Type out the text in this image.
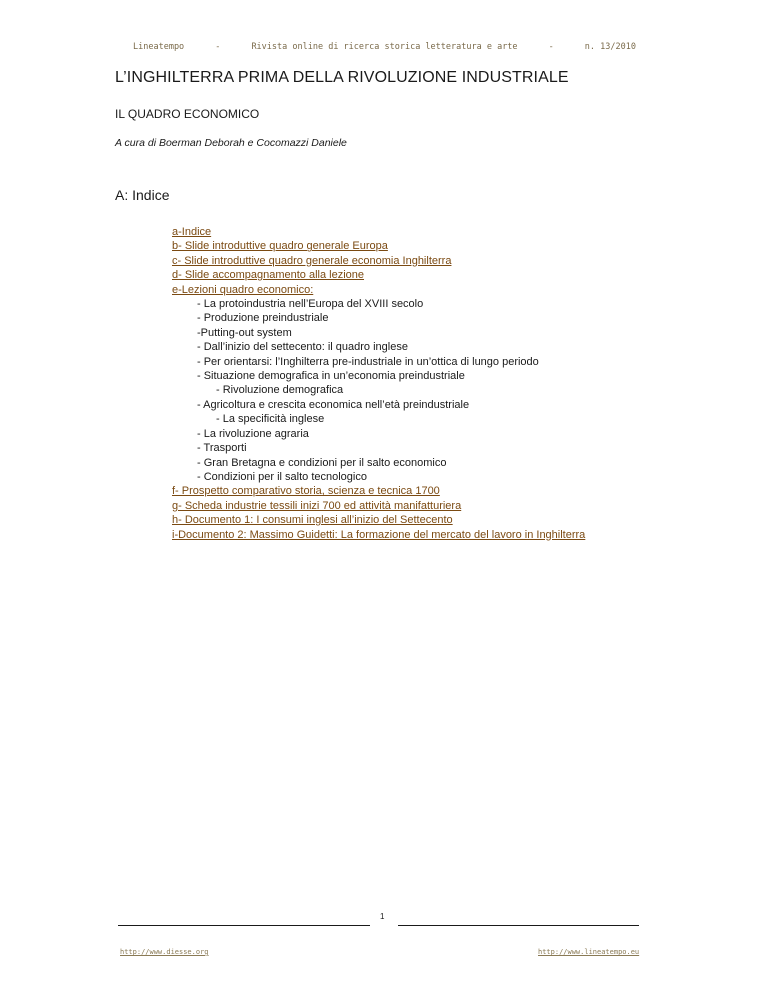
Lineatempo	-	Rivista online di ricerca storica letteratura e arte	-	n. 13/2010
L’INGHILTERRA PRIMA DELLA RIVOLUZIONE INDUSTRIALE
IL QUADRO ECONOMICO
A cura di Boerman Deborah e Cocomazzi Daniele
A: Indice
a-Indice
b- Slide introduttive quadro generale Europa
c- Slide introduttive quadro generale economia Inghilterra
d- Slide accompagnamento alla lezione
e-Lezioni quadro economico:
- La protoindustria nell’Europa del XVIII secolo
- Produzione preindustriale
-Putting-out system
- Dall’inizio del settecento: il quadro inglese
- Per orientarsi: l’Inghilterra pre-industriale in un’ottica di lungo periodo
- Situazione demografica in un’economia preindustriale
- Rivoluzione demografica
- Agricoltura e crescita economica nell’età preindustriale
- La specificità inglese
- La rivoluzione agraria
- Trasporti
- Gran Bretagna e condizioni per il salto economico
- Condizioni per il salto tecnologico
f- Prospetto comparativo storia, scienza e tecnica 1700
g- Scheda industrie tessili inizi 700 ed attività manifatturiera
h- Documento 1: I consumi inglesi all’inizio del Settecento
i-Documento 2: Massimo Guidetti: La formazione del mercato del lavoro in Inghilterra
1
http://www.diesse.org	http://www.lineatempo.eu
